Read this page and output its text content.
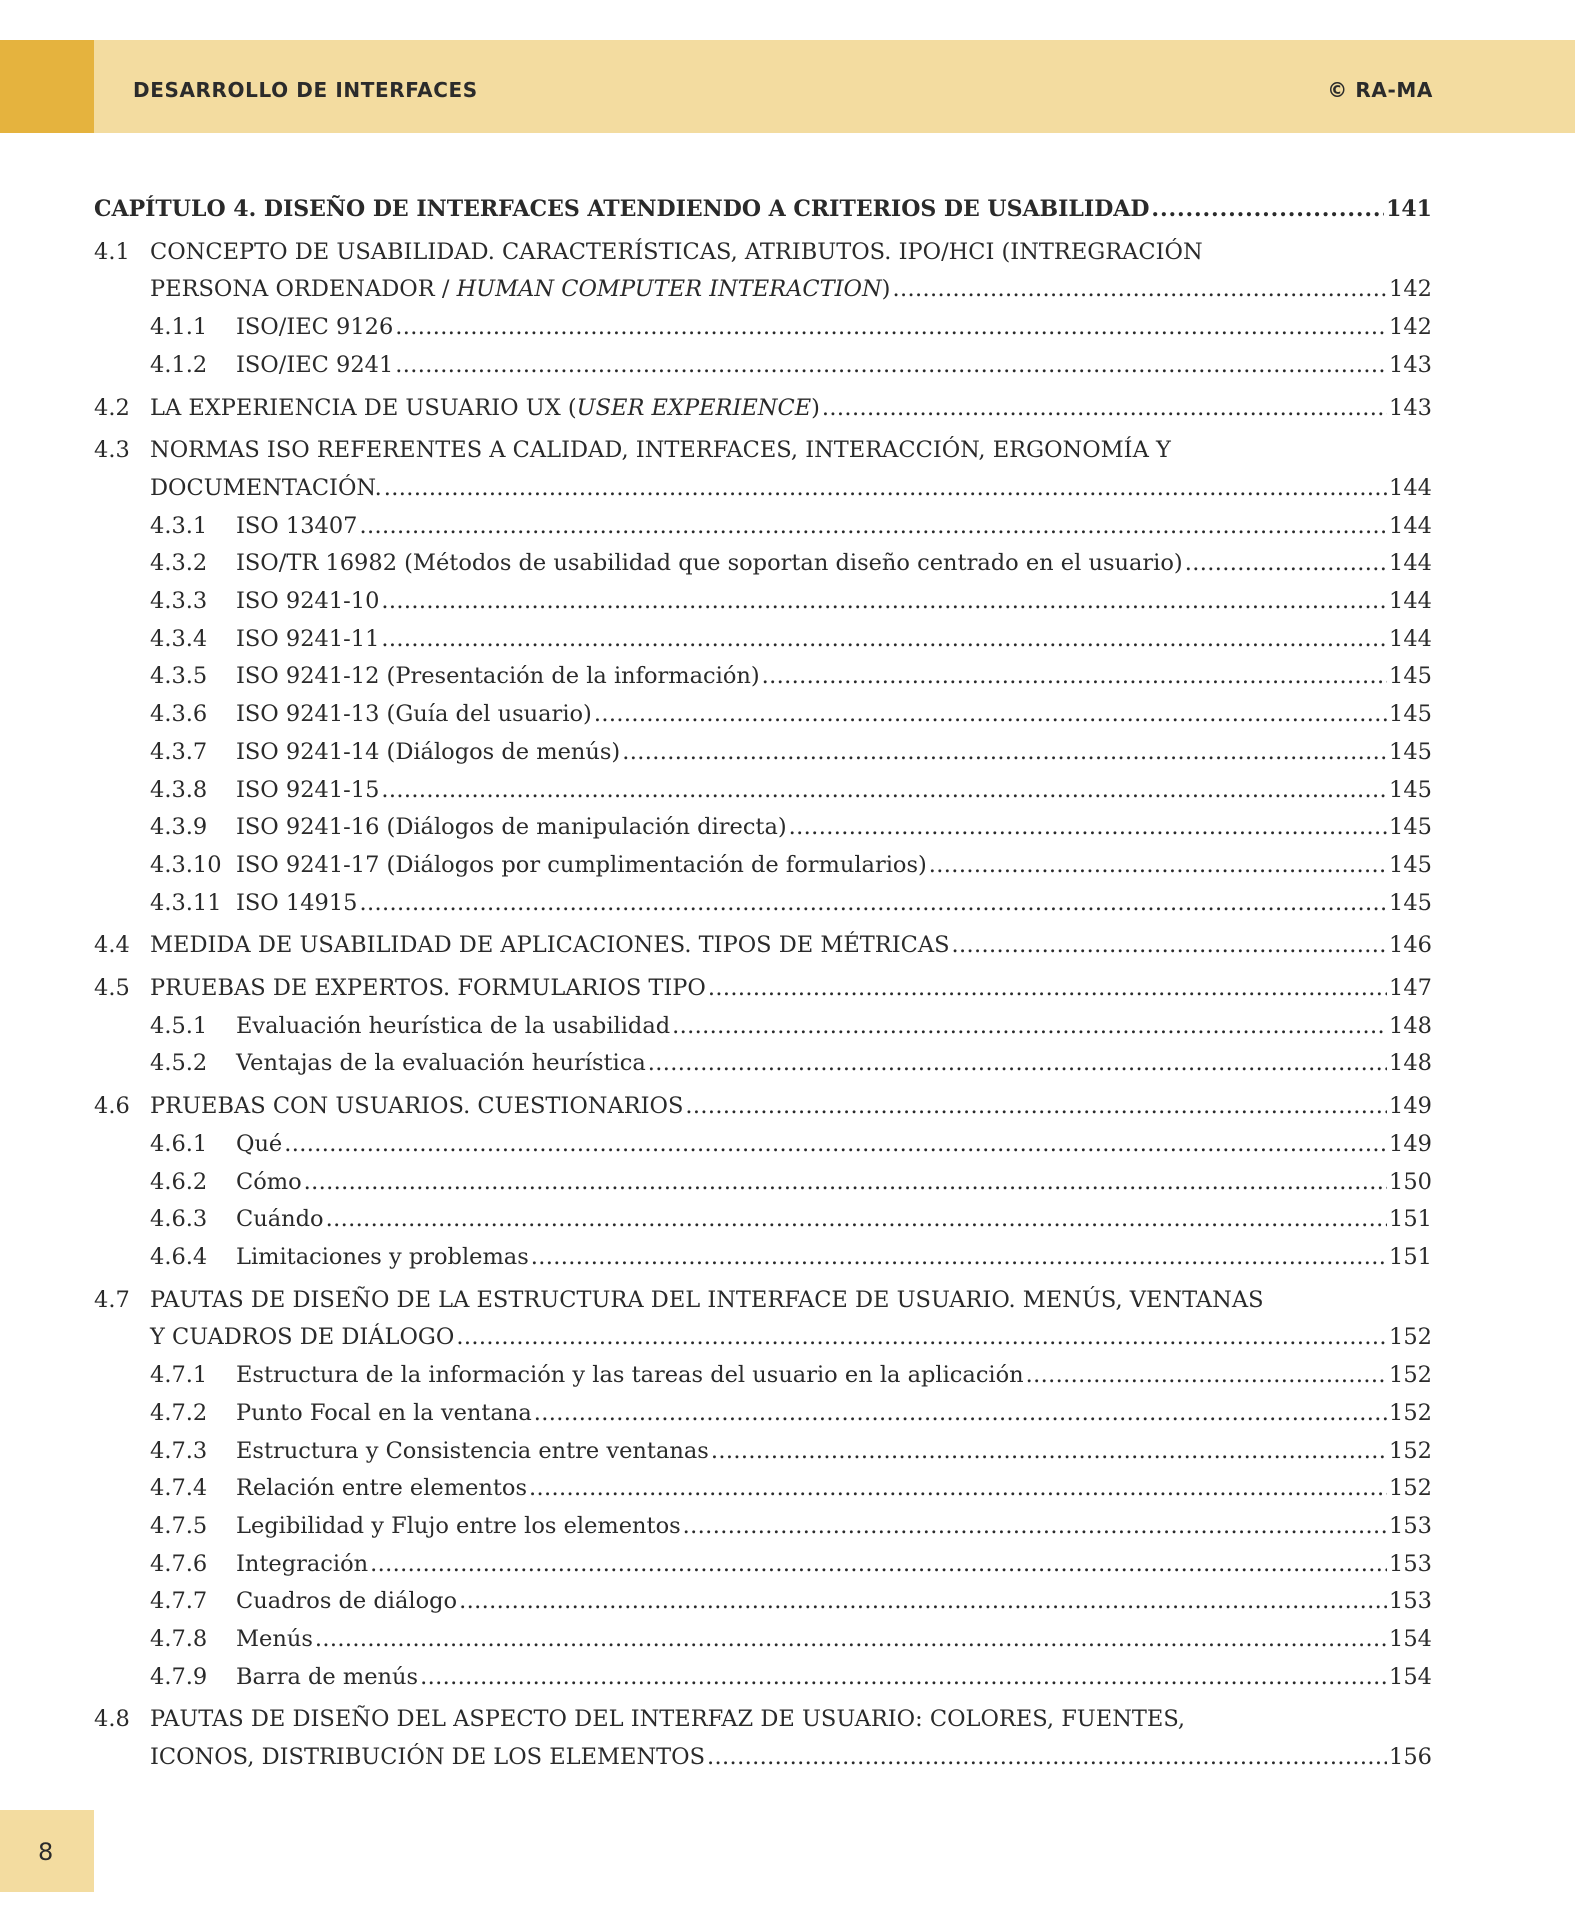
DESARROLLO DE INTERFACES	© RA-MA
CAPÍTULO 4. DISEÑO DE INTERFACES ATENDIENDO A CRITERIOS DE USABILIDAD . . .	141
4.1 CONCEPTO DE USABILIDAD. CARACTERÍSTICAS, ATRIBUTOS. IPO/HCI (INTREGRACIÓN
PERSONA ORDENADOR / HUMAN COMPUTER INTERACTION) . . .	142
4.1.1	ISO/IEC 9126 . . .	142
4.1.2	ISO/IEC 9241 . . .	143
4.2 LA EXPERIENCIA DE USUARIO UX (USER EXPERIENCE) . . .	143
4.3 NORMAS ISO REFERENTES A CALIDAD, INTERFACES, INTERACCIÓN, ERGONOMÍA Y
DOCUMENTACIÓN. . . .	144
4.3.1	ISO 13407 . . .	144
4.3.2	ISO/TR 16982 (Métodos de usabilidad que soportan diseño centrado en el usuario) . . .	144
4.3.3	ISO 9241-10 . . .	144
4.3.4	ISO 9241-11 . . .	144
4.3.5	ISO 9241-12 (Presentación de la información) . . .	145
4.3.6	ISO 9241-13 (Guía del usuario) . . .	145
4.3.7	ISO 9241-14 (Diálogos de menús) . . .	145
4.3.8	ISO 9241-15 . . .	145
4.3.9	ISO 9241-16 (Diálogos de manipulación directa) . . .	145
4.3.10 ISO 9241-17 (Diálogos por cumplimentación de formularios) . . .	145
4.3.11 ISO 14915 . . .	145
4.4 MEDIDA DE USABILIDAD DE APLICACIONES. TIPOS DE MÉTRICAS . . .	146
4.5 PRUEBAS DE EXPERTOS. FORMULARIOS TIPO . . .	147
4.5.1	Evaluación heurística de la usabilidad . . .	148
4.5.2	Ventajas de la evaluación heurística . . .	148
4.6 PRUEBAS CON USUARIOS. CUESTIONARIOS . . .	149
4.6.1	Qué . . .	149
4.6.2	Cómo . . .	150
4.6.3	Cuándo . . .	151
4.6.4	Limitaciones y problemas . . .	151
4.7 PAUTAS DE DISEÑO DE LA ESTRUCTURA DEL INTERFACE DE USUARIO. MENÚS, VENTANAS
Y CUADROS DE DIÁLOGO . . .	152
4.7.1	Estructura de la información y las tareas del usuario en la aplicación . . .	152
4.7.2	Punto Focal en la ventana . . .	152
4.7.3	Estructura y Consistencia entre ventanas . . .	152
4.7.4	Relación entre elementos . . .	152
4.7.5	Legibilidad y Flujo entre los elementos . . .	153
4.7.6	Integración . . .	153
4.7.7	Cuadros de diálogo . . .	153
4.7.8	Menús . . .	154
4.7.9	Barra de menús . . .	154
4.8 PAUTAS DE DISEÑO DEL ASPECTO DEL INTERFAZ DE USUARIO: COLORES, FUENTES,
ICONOS, DISTRIBUCIÓN DE LOS ELEMENTOS . . .	156
8
